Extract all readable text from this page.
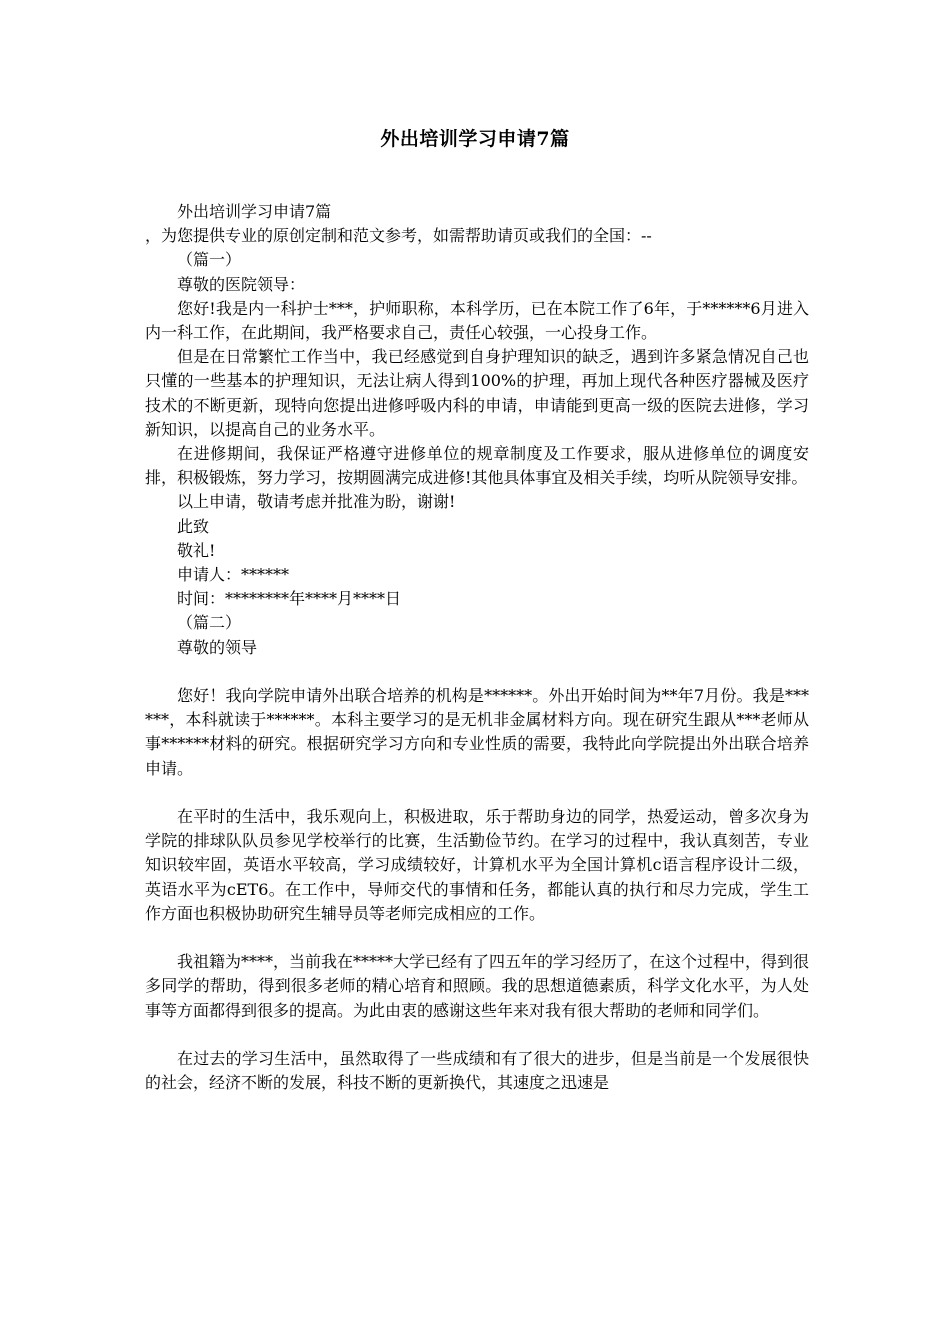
外出培训学习申请7篇

外出培训学习申请7篇

，为您提供专业的原创定制和范文参考，如需帮助请页或我们的全国：--

（篇一）

尊敬的医院领导：

您好!我是内一科护士***，护师职称，本科学历，已在本院工作了6年，于******6月进入内一科工作，在此期间，我严格要求自己，责任心较强，一心投身工作。

但是在日常繁忙工作当中，我已经感觉到自身护理知识的缺乏，遇到许多紧急情况自己也只懂的一些基本的护理知识，无法让病人得到100%的护理，再加上现代各种医疗器械及医疗技术的不断更新，现特向您提出进修呼吸内科的申请，申请能到更高一级的医院去进修，学习新知识，以提高自己的业务水平。

在进修期间，我保证严格遵守进修单位的规章制度及工作要求，服从进修单位的调度安排，积极锻炼，努力学习，按期圆满完成进修!其他具体事宜及相关手续，均听从院领导安排。

以上申请，敬请考虑并批准为盼，谢谢!

此致

敬礼!

申请人：******

时间：********年****月****日

（篇二）

尊敬的领导

您好！我向学院申请外出联合培养的机构是******。外出开始时间为**年7月份。我是******，本科就读于******。本科主要学习的是无机非金属材料方向。现在研究生跟从***老师从事******材料的研究。根据研究学习方向和专业性质的需要，我特此向学院提出外出联合培养申请。

在平时的生活中，我乐观向上，积极进取，乐于帮助身边的同学，热爱运动，曾多次身为学院的排球队队员参见学校举行的比赛，生活勤俭节约。在学习的过程中，我认真刻苦，专业知识较牢固，英语水平较高，学习成绩较好，计算机水平为全国计算机c语言程序设计二级，英语水平为cET6。在工作中，导师交代的事情和任务，都能认真的执行和尽力完成，学生工作方面也积极协助研究生辅导员等老师完成相应的工作。

我祖籍为****，当前我在*****大学已经有了四五年的学习经历了，在这个过程中，得到很多同学的帮助，得到很多老师的精心培育和照顾。我的思想道德素质，科学文化水平，为人处事等方面都得到很多的提高。为此由衷的感谢这些年来对我有很大帮助的老师和同学们。

在过去的学习生活中，虽然取得了一些成绩和有了很大的进步，但是当前是一个发展很快的社会，经济不断的发展，科技不断的更新换代，其速度之迅速是
